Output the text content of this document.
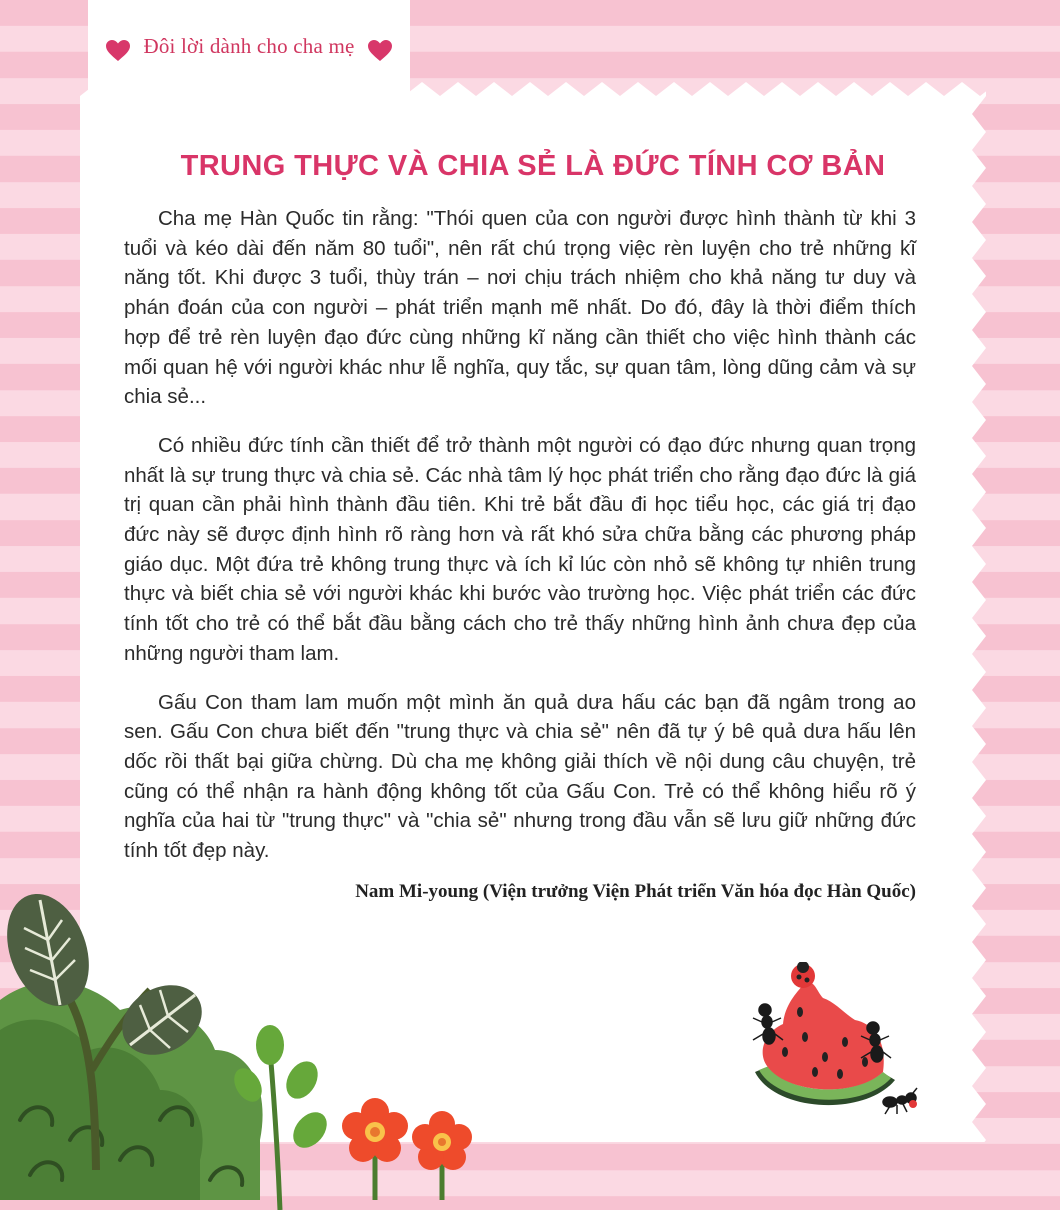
Đôi lời dành cho cha mẹ
TRUNG THỰC VÀ CHIA SẺ LÀ ĐỨC TÍNH CƠ BẢN

Cha mẹ Hàn Quốc tin rằng: "Thói quen của con người được hình thành từ khi 3 tuổi và kéo dài đến năm 80 tuổi", nên rất chú trọng việc rèn luyện cho trẻ những kĩ năng tốt. Khi được 3 tuổi, thùy trán – nơi chịu trách nhiệm cho khả năng tư duy và phán đoán của con người – phát triển mạnh mẽ nhất. Do đó, đây là thời điểm thích hợp để trẻ rèn luyện đạo đức cùng những kĩ năng cần thiết cho việc hình thành các mối quan hệ với người khác như lễ nghĩa, quy tắc, sự quan tâm, lòng dũng cảm và sự chia sẻ...

Có nhiều đức tính cần thiết để trở thành một người có đạo đức nhưng quan trọng nhất là sự trung thực và chia sẻ. Các nhà tâm lý học phát triển cho rằng đạo đức là giá trị quan cần phải hình thành đầu tiên. Khi trẻ bắt đầu đi học tiểu học, các giá trị đạo đức này sẽ được định hình rõ ràng hơn và rất khó sửa chữa bằng các phương pháp giáo dục. Một đứa trẻ không trung thực và ích kỉ lúc còn nhỏ sẽ không tự nhiên trung thực và biết chia sẻ với người khác khi bước vào trường học. Việc phát triển các đức tính tốt cho trẻ có thể bắt đầu bằng cách cho trẻ thấy những hình ảnh chưa đẹp của những người tham lam.

Gấu Con tham lam muốn một mình ăn quả dưa hấu các bạn đã ngâm trong ao sen. Gấu Con chưa biết đến "trung thực và chia sẻ" nên đã tự ý bê quả dưa hấu lên dốc rồi thất bại giữa chừng. Dù cha mẹ không giải thích về nội dung câu chuyện, trẻ cũng có thể nhận ra hành động không tốt của Gấu Con. Trẻ có thể không hiểu rõ ý nghĩa của hai từ "trung thực" và "chia sẻ" nhưng trong đầu vẫn sẽ lưu giữ những đức tính tốt đẹp này.

Nam Mi-young (Viện trưởng Viện Phát triển Văn hóa đọc Hàn Quốc)
